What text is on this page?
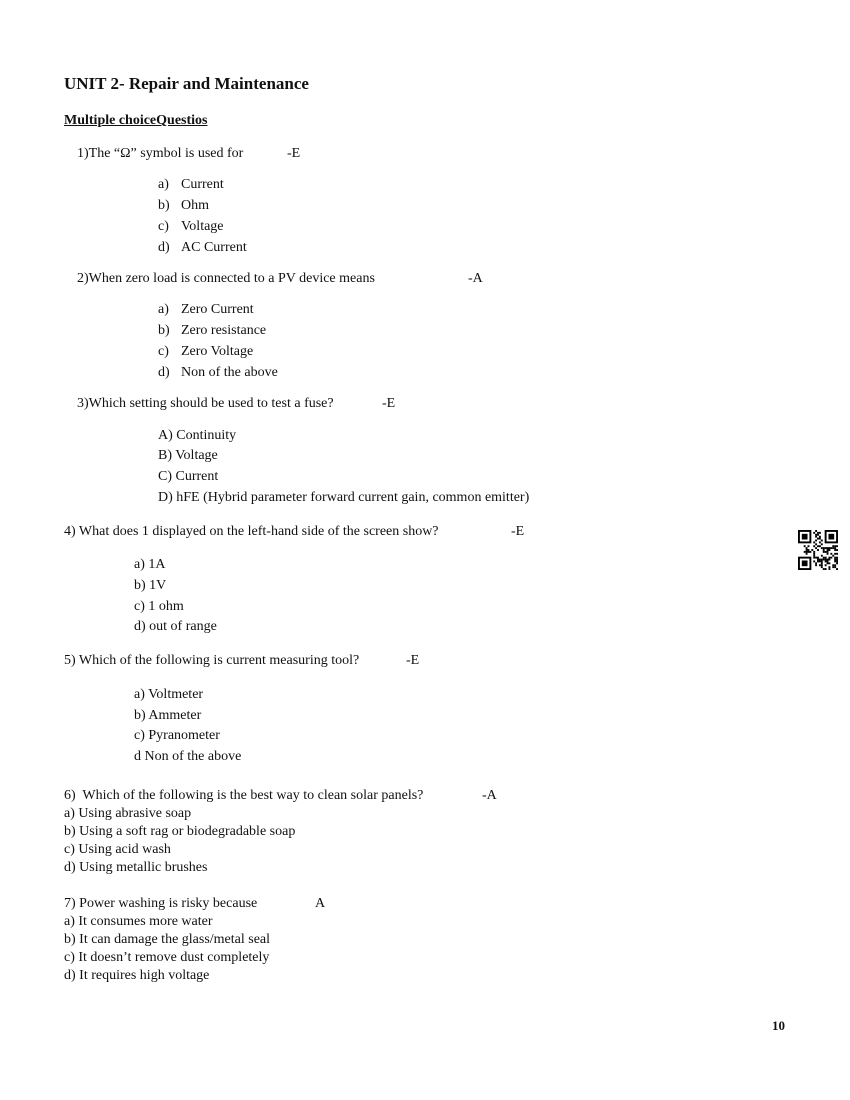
UNIT 2- Repair and Maintenance
Multiple choiceQuestios
10
1)The “Ω” symbol is used for	-E
a) Current
b) Ohm
c) Voltage
d) AC Current
2)When zero load is connected to a PV device means	-A
a) Zero Current
b) Zero resistance
c) Zero Voltage
d) Non of the above
3)Which setting should be used to test a fuse?	-E
A) Continuity
B) Voltage
C) Current
D) hFE (Hybrid parameter forward current gain, common emitter)
4) What does 1 displayed on the left-hand side of the screen show?	-E
a) 1A
b) 1V
c) 1 ohm
d) out of range
5) Which of the following is current measuring tool?	-E
a) Voltmeter
b) Ammeter
c) Pyranometer
d Non of the above
6)  Which of the following is the best way to clean solar panels?	-A
a) Using abrasive soap
b) Using a soft rag or biodegradable soap
c) Using acid wash
d) Using metallic brushes
7) Power washing is risky because	A
a) It consumes more water
b) It can damage the glass/metal seal
c) It doesn’t remove dust completely
d) It requires high voltage
